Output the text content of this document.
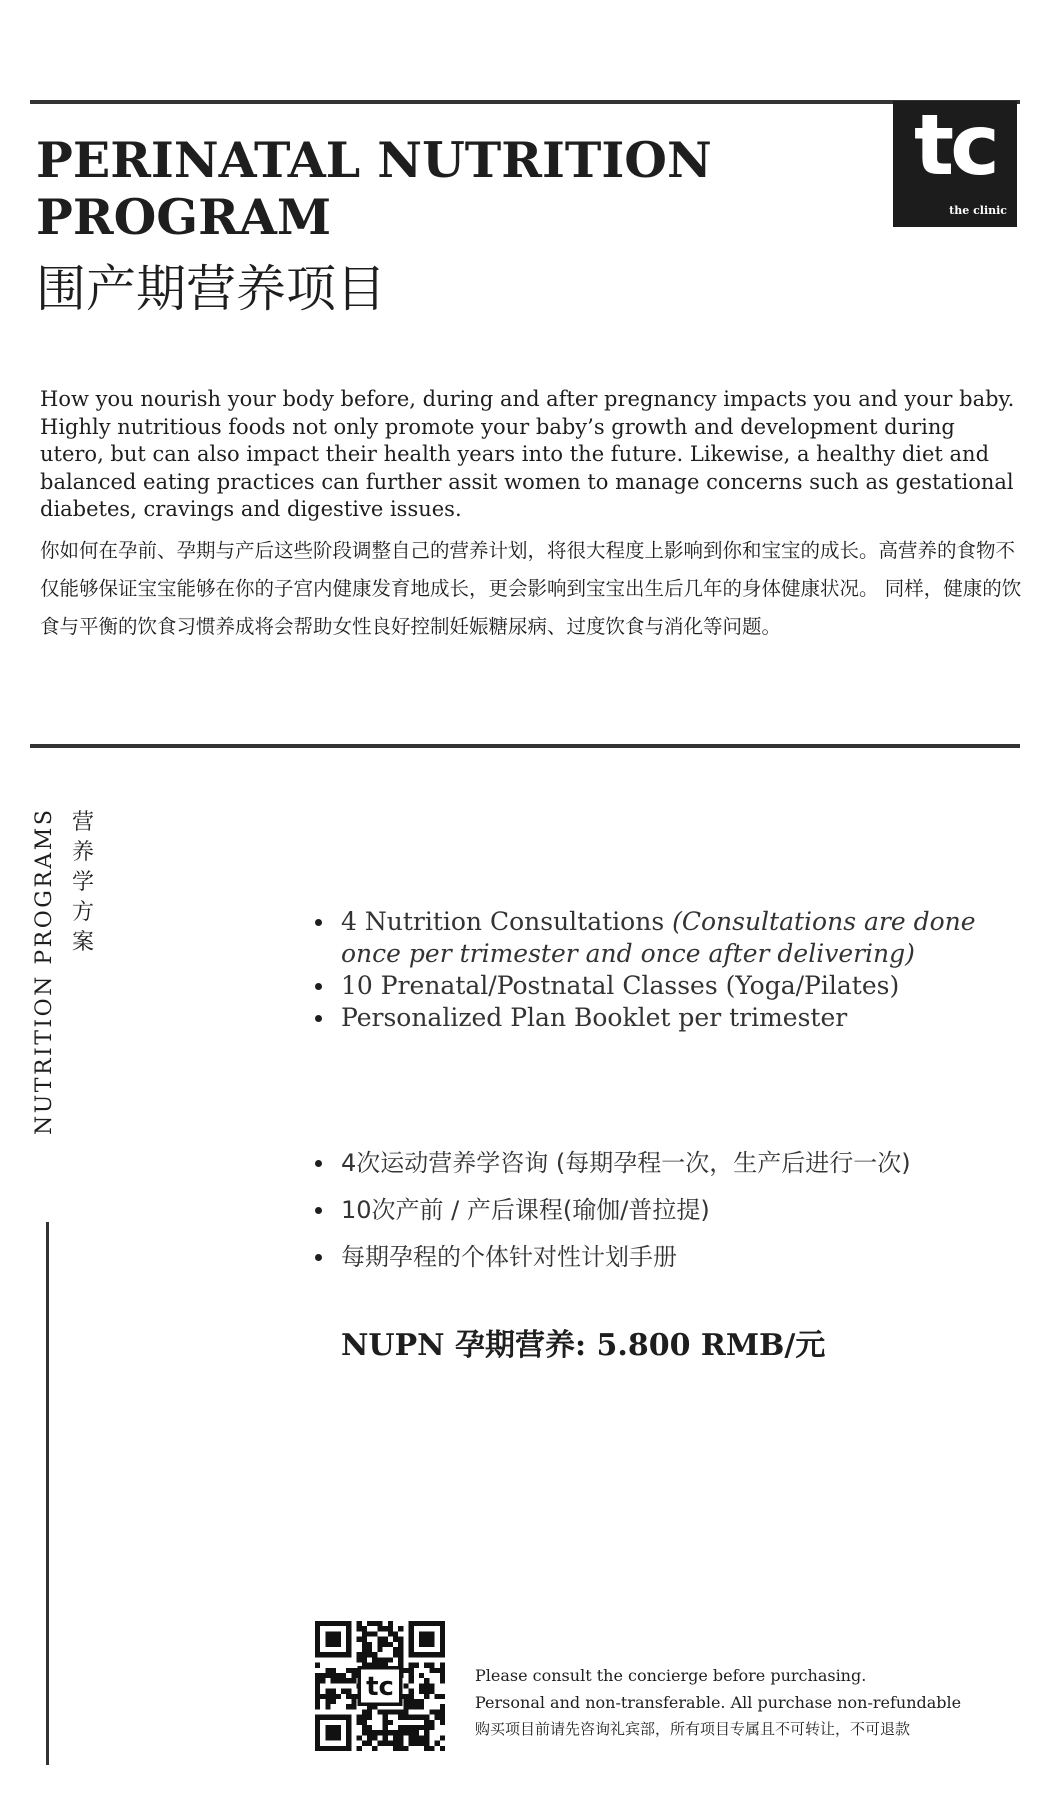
tc
the clinic
PERINATAL NUTRITION PROGRAM
围产期营养项目
How you nourish your body before, during and after pregnancy impacts you and your baby. Highly nutritious foods not only promote your baby’s growth and development during utero, but can also impact their health years into the future. Likewise, a healthy diet and balanced eating practices can further assit women to manage concerns such as gestational diabetes, cravings and digestive issues.
你如何在孕前、孕期与产后这些阶段调整自己的营养计划，将很大程度上影响到你和宝宝的成长。高营养的食物不仅能够保证宝宝能够在你的子宫内健康发育地成长，更会影响到宝宝出生后几年的身体健康状况。 同样，健康的饮食与平衡的饮食习惯养成将会帮助女性良好控制妊娠糖尿病、过度饮食与消化等问题。
NUTRITION PROGRAMS 营养学方案
4 Nutrition Consultations (Consultations are done once per trimester and once after delivering)
10 Prenatal/Postnatal Classes (Yoga/Pilates)
Personalized Plan Booklet per trimester
4次运动营养学咨询 (每期孕程一次，生产后进行一次)
10次产前 / 产后课程(瑜伽/普拉提)
每期孕程的个体针对性计划手册
NUPN 孕期营养: 5.800 RMB/元
tc	Please consult the concierge before purchasing.
Personal and non-transferable. All purchase non-refundable
购买项目前请先咨询礼宾部，所有项目专属且不可转让，不可退款
